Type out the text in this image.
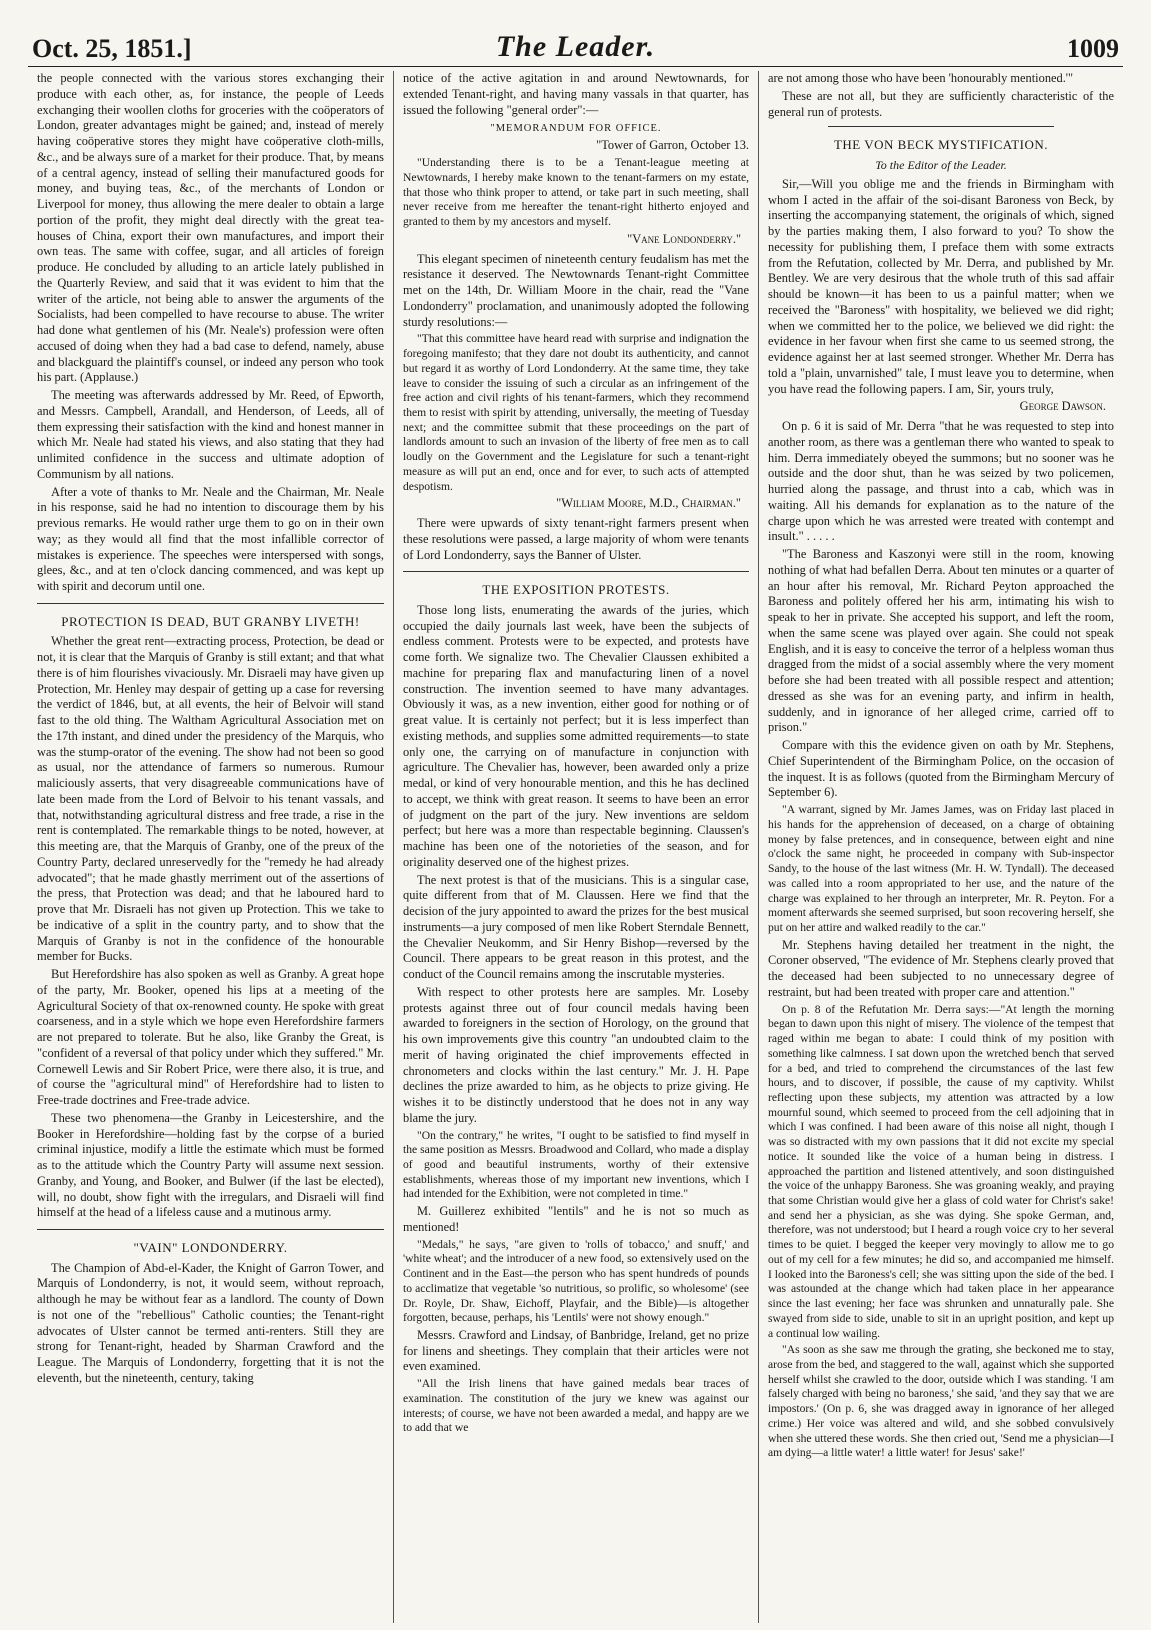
Oct. 25, 1851.]	The Leader.	1009

the people connected with the various stores exchanging their produce with each other, as, for instance, the people of Leeds exchanging their woollen cloths for groceries with the coöperators of London, greater advantages might be gained; and, instead of merely having coöperative stores they might have coöperative cloth-mills, &c., and be always sure of a market for their produce. That, by means of a central agency, instead of selling their manufactured goods for money, and buying teas, &c., of the merchants of London or Liverpool for money, thus allowing the mere dealer to obtain a large portion of the profit, they might deal directly with the great tea-houses of China, export their own manufactures, and import their own teas. The same with coffee, sugar, and all articles of foreign produce. He concluded by alluding to an article lately published in the Quarterly Review, and said that it was evident to him that the writer of the article, not being able to answer the arguments of the Socialists, had been compelled to have recourse to abuse. The writer had done what gentlemen of his (Mr. Neale's) profession were often accused of doing when they had a bad case to defend, namely, abuse and blackguard the plaintiff's counsel, or indeed any person who took his part. (Applause.)

The meeting was afterwards addressed by Mr. Reed, of Epworth, and Messrs. Campbell, Arandall, and Henderson, of Leeds, all of them expressing their satisfaction with the kind and honest manner in which Mr. Neale had stated his views, and also stating that they had unlimited confidence in the success and ultimate adoption of Communism by all nations.

After a vote of thanks to Mr. Neale and the Chairman, Mr. Neale in his response, said he had no intention to discourage them by his previous remarks. He would rather urge them to go on in their own way; as they would all find that the most infallible corrector of mistakes is experience. The speeches were interspersed with songs, glees, &c., and at ten o'clock dancing commenced, and was kept up with spirit and decorum until one.

PROTECTION IS DEAD, BUT GRANBY LIVETH!

Whether the great rent—extracting process, Protection, be dead or not, it is clear that the Marquis of Granby is still extant; and that what there is of him flourishes vivaciously. Mr. Disraeli may have given up Protection, Mr. Henley may despair of getting up a case for reversing the verdict of 1846, but, at all events, the heir of Belvoir will stand fast to the old thing. The Waltham Agricultural Association met on the 17th instant, and dined under the presidency of the Marquis, who was the stump-orator of the evening. The show had not been so good as usual, nor the attendance of farmers so numerous. Rumour maliciously asserts, that very disagreeable communications have of late been made from the Lord of Belvoir to his tenant vassals, and that, notwithstanding agricultural distress and free trade, a rise in the rent is contemplated. The remarkable things to be noted, however, at this meeting are, that the Marquis of Granby, one of the preux of the Country Party, declared unreservedly for the "remedy he had already advocated"; that he made ghastly merriment out of the assertions of the press, that Protection was dead; and that he laboured hard to prove that Mr. Disraeli has not given up Protection. This we take to be indicative of a split in the country party, and to show that the Marquis of Granby is not in the confidence of the honourable member for Bucks.

But Herefordshire has also spoken as well as Granby. A great hope of the party, Mr. Booker, opened his lips at a meeting of the Agricultural Society of that ox-renowned county. He spoke with great coarseness, and in a style which we hope even Herefordshire farmers are not prepared to tolerate. But he also, like Granby the Great, is "confident of a reversal of that policy under which they suffered." Mr. Cornewell Lewis and Sir Robert Price, were there also, it is true, and of course the "agricultural mind" of Herefordshire had to listen to Free-trade doctrines and Free-trade advice.

These two phenomena—the Granby in Leicestershire, and the Booker in Herefordshire—holding fast by the corpse of a buried criminal injustice, modify a little the estimate which must be formed as to the attitude which the Country Party will assume next session. Granby, and Young, and Booker, and Bulwer (if the last be elected), will, no doubt, show fight with the irregulars, and Disraeli will find himself at the head of a lifeless cause and a mutinous army.

"VAIN" LONDONDERRY.

The Champion of Abd-el-Kader, the Knight of Garron Tower, and Marquis of Londonderry, is not, it would seem, without reproach, although he may be without fear as a landlord. The county of Down is not one of the "rebellious" Catholic counties; the Tenant-right advocates of Ulster cannot be termed anti-renters. Still they are strong for Tenant-right, headed by Sharman Crawford and the League. The Marquis of Londonderry, forgetting that it is not the eleventh, but the nineteenth, century, taking

notice of the active agitation in and around Newtownards, for extended Tenant-right, and having many vassals in that quarter, has issued the following "general order":—

"MEMORANDUM FOR OFFICE.

"Tower of Garron, October 13.

"Understanding there is to be a Tenant-league meeting at Newtownards, I hereby make known to the tenant-farmers on my estate, that those who think proper to attend, or take part in such meeting, shall never receive from me hereafter the tenant-right hitherto enjoyed and granted to them by my ancestors and myself.

"Vane Londonderry."

This elegant specimen of nineteenth century feudalism has met the resistance it deserved. The Newtownards Tenant-right Committee met on the 14th, Dr. William Moore in the chair, read the "Vane Londonderry" proclamation, and unanimously adopted the following sturdy resolutions:—

"That this committee have heard read with surprise and indignation the foregoing manifesto; that they dare not doubt its authenticity, and cannot but regard it as worthy of Lord Londonderry. At the same time, they take leave to consider the issuing of such a circular as an infringement of the free action and civil rights of his tenant-farmers, which they recommend them to resist with spirit by attending, universally, the meeting of Tuesday next; and the committee submit that these proceedings on the part of landlords amount to such an invasion of the liberty of free men as to call loudly on the Government and the Legislature for such a tenant-right measure as will put an end, once and for ever, to such acts of attempted despotism.

"William Moore, M.D., Chairman."

There were upwards of sixty tenant-right farmers present when these resolutions were passed, a large majority of whom were tenants of Lord Londonderry, says the Banner of Ulster.

THE EXPOSITION PROTESTS.

Those long lists, enumerating the awards of the juries, which occupied the daily journals last week, have been the subjects of endless comment. Protests were to be expected, and protests have come forth. We signalize two. The Chevalier Claussen exhibited a machine for preparing flax and manufacturing linen of a novel construction. The invention seemed to have many advantages. Obviously it was, as a new invention, either good for nothing or of great value. It is certainly not perfect; but it is less imperfect than existing methods, and supplies some admitted requirements—to state only one, the carrying on of manufacture in conjunction with agriculture. The Chevalier has, however, been awarded only a prize medal, or kind of very honourable mention, and this he has declined to accept, we think with great reason. It seems to have been an error of judgment on the part of the jury. New inventions are seldom perfect; but here was a more than respectable beginning. Claussen's machine has been one of the notorieties of the season, and for originality deserved one of the highest prizes.

The next protest is that of the musicians. This is a singular case, quite different from that of M. Claussen. Here we find that the decision of the jury appointed to award the prizes for the best musical instruments—a jury composed of men like Robert Sterndale Bennett, the Chevalier Neukomm, and Sir Henry Bishop—reversed by the Council. There appears to be great reason in this protest, and the conduct of the Council remains among the inscrutable mysteries.

With respect to other protests here are samples. Mr. Loseby protests against three out of four council medals having been awarded to foreigners in the section of Horology, on the ground that his own improvements give this country "an undoubted claim to the merit of having originated the chief improvements effected in chronometers and clocks within the last century." Mr. J. H. Pape declines the prize awarded to him, as he objects to prize giving. He wishes it to be distinctly understood that he does not in any way blame the jury.

"On the contrary," he writes, "I ought to be satisfied to find myself in the same position as Messrs. Broadwood and Collard, who made a display of good and beautiful instruments, worthy of their extensive establishments, whereas those of my important new inventions, which I had intended for the Exhibition, were not completed in time."

M. Guillerez exhibited "lentils" and he is not so much as mentioned!

"Medals," he says, "are given to 'rolls of tobacco,' and snuff,' and 'white wheat'; and the introducer of a new food, so extensively used on the Continent and in the East—the person who has spent hundreds of pounds to acclimatize that vegetable 'so nutritious, so prolific, so wholesome' (see Dr. Royle, Dr. Shaw, Eichoff, Playfair, and the Bible)—is altogether forgotten, because, perhaps, his 'Lentils' were not showy enough."

Messrs. Crawford and Lindsay, of Banbridge, Ireland, get no prize for linens and sheetings. They complain that their articles were not even examined.

"All the Irish linens that have gained medals bear traces of examination. The constitution of the jury we knew was against our interests; of course, we have not been awarded a medal, and happy are we to add that we

are not among those who have been 'honourably mentioned.'"

These are not all, but they are sufficiently characteristic of the general run of protests.

THE VON BECK MYSTIFICATION.

To the Editor of the Leader.

Sir,—Will you oblige me and the friends in Birmingham with whom I acted in the affair of the soi-disant Baroness von Beck, by inserting the accompanying statement, the originals of which, signed by the parties making them, I also forward to you? To show the necessity for publishing them, I preface them with some extracts from the Refutation, collected by Mr. Derra, and published by Mr. Bentley. We are very desirous that the whole truth of this sad affair should be known—it has been to us a painful matter; when we received the "Baroness" with hospitality, we believed we did right; when we committed her to the police, we believed we did right: the evidence in her favour when first she came to us seemed strong, the evidence against her at last seemed stronger. Whether Mr. Derra has told a "plain, unvarnished" tale, I must leave you to determine, when you have read the following papers. I am, Sir, yours truly,

George Dawson.

On p. 6 it is said of Mr. Derra "that he was requested to step into another room, as there was a gentleman there who wanted to speak to him. Derra immediately obeyed the summons; but no sooner was he outside and the door shut, than he was seized by two policemen, hurried along the passage, and thrust into a cab, which was in waiting. All his demands for explanation as to the nature of the charge upon which he was arrested were treated with contempt and insult." . . . . .

"The Baroness and Kaszonyi were still in the room, knowing nothing of what had befallen Derra. About ten minutes or a quarter of an hour after his removal, Mr. Richard Peyton approached the Baroness and politely offered her his arm, intimating his wish to speak to her in private. She accepted his support, and left the room, when the same scene was played over again. She could not speak English, and it is easy to conceive the terror of a helpless woman thus dragged from the midst of a social assembly where the very moment before she had been treated with all possible respect and attention; dressed as she was for an evening party, and infirm in health, suddenly, and in ignorance of her alleged crime, carried off to prison."

Compare with this the evidence given on oath by Mr. Stephens, Chief Superintendent of the Birmingham Police, on the occasion of the inquest. It is as follows (quoted from the Birmingham Mercury of September 6).

"A warrant, signed by Mr. James James, was on Friday last placed in his hands for the apprehension of deceased, on a charge of obtaining money by false pretences, and in consequence, between eight and nine o'clock the same night, he proceeded in company with Sub-inspector Sandy, to the house of the last witness (Mr. H. W. Tyndall). The deceased was called into a room appropriated to her use, and the nature of the charge was explained to her through an interpreter, Mr. R. Peyton. For a moment afterwards she seemed surprised, but soon recovering herself, she put on her attire and walked readily to the car."

Mr. Stephens having detailed her treatment in the night, the Coroner observed, "The evidence of Mr. Stephens clearly proved that the deceased had been subjected to no unnecessary degree of restraint, but had been treated with proper care and attention."

On p. 8 of the Refutation Mr. Derra says:—"At length the morning began to dawn upon this night of misery. The violence of the tempest that raged within me began to abate: I could think of my position with something like calmness. I sat down upon the wretched bench that served for a bed, and tried to comprehend the circumstances of the last few hours, and to discover, if possible, the cause of my captivity. Whilst reflecting upon these subjects, my attention was attracted by a low mournful sound, which seemed to proceed from the cell adjoining that in which I was confined. I had been aware of this noise all night, though I was so distracted with my own passions that it did not excite my special notice. It sounded like the voice of a human being in distress. I approached the partition and listened attentively, and soon distinguished the voice of the unhappy Baroness. She was groaning weakly, and praying that some Christian would give her a glass of cold water for Christ's sake! and send her a physician, as she was dying. She spoke German, and, therefore, was not understood; but I heard a rough voice cry to her several times to be quiet. I begged the keeper very movingly to allow me to go out of my cell for a few minutes; he did so, and accompanied me himself. I looked into the Baroness's cell; she was sitting upon the side of the bed. I was astounded at the change which had taken place in her appearance since the last evening; her face was shrunken and unnaturally pale. She swayed from side to side, unable to sit in an upright position, and kept up a continual low wailing.

"As soon as she saw me through the grating, she beckoned me to stay, arose from the bed, and staggered to the wall, against which she supported herself whilst she crawled to the door, outside which I was standing. 'I am falsely charged with being no baroness,' she said, 'and they say that we are impostors.' (On p. 6, she was dragged away in ignorance of her alleged crime.) Her voice was altered and wild, and she sobbed convulsively when she uttered these words. She then cried out, 'Send me a physician—I am dying—a little water! a little water! for Jesus' sake!'
